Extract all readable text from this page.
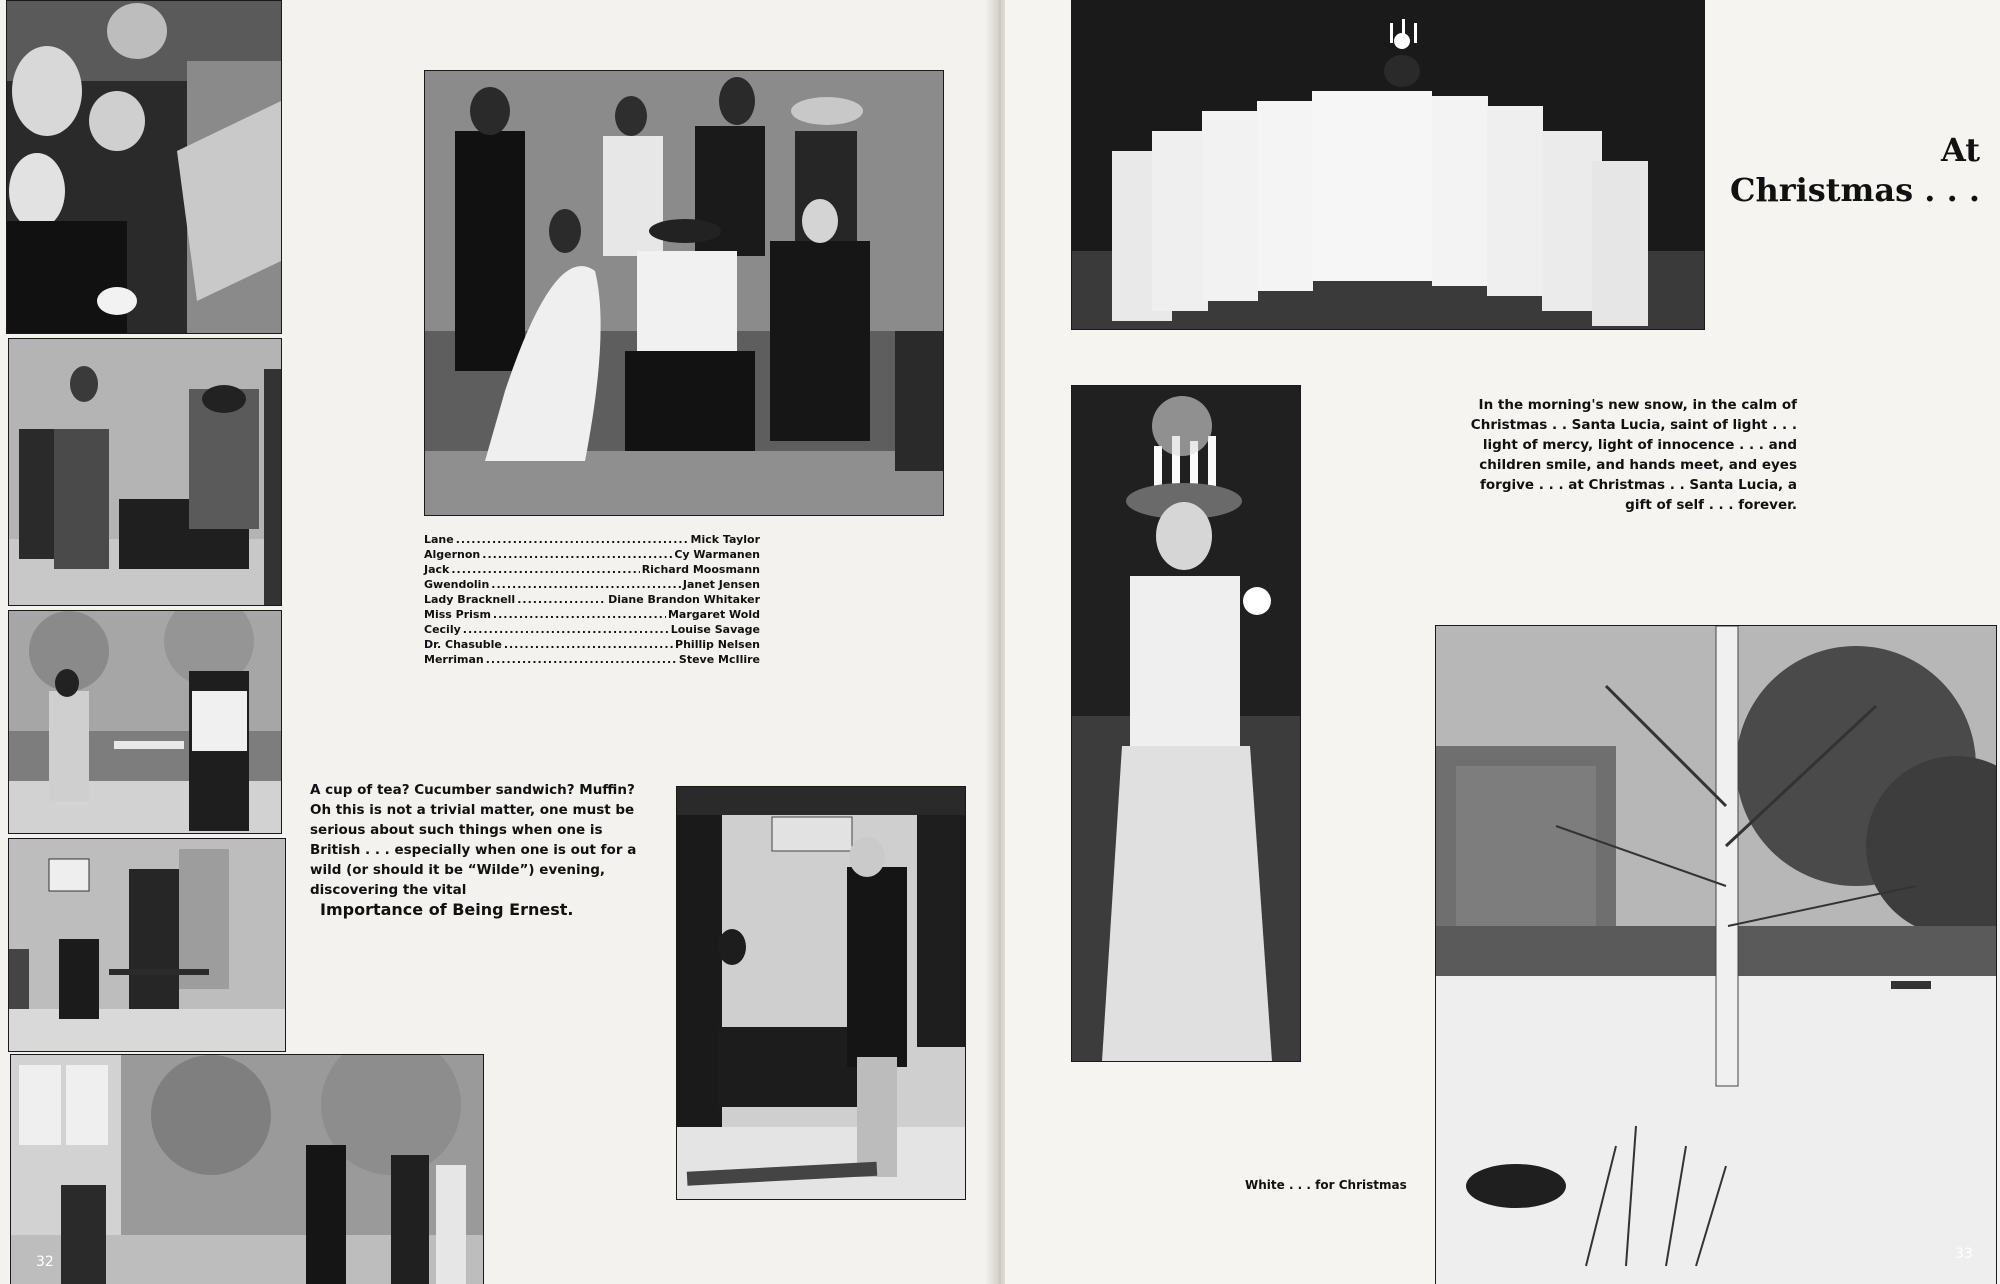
32
Lane .....	Mick Taylor
Algernon .....	Cy Warmanen
Jack .....	Richard Moosmann
Gwendolin .....	Janet Jensen
Lady Bracknell .....	Diane Brandon Whitaker
Miss Prism .....	Margaret Wold
Cecily .....	Louise Savage
Dr. Chasuble .....	Phillip Nelsen
Merriman .....	Steve McIlire
A cup of tea? Cucumber sandwich? Muffin? Oh this is not a trivial matter, one must be serious about such things when one is British . . . especially when one is out for a wild (or should it be “Wilde”) evening, discovering the vital
Importance of Being Ernest.
At
Christmas . . .
In the morning's new snow, in the calm of Christmas . . Santa Lucia, saint of light . . . light of mercy, light of innocence . . . and children smile, and hands meet, and eyes forgive . . . at Christmas . . Santa Lucia, a gift of self . . . forever.
White . . . for Christmas
33
